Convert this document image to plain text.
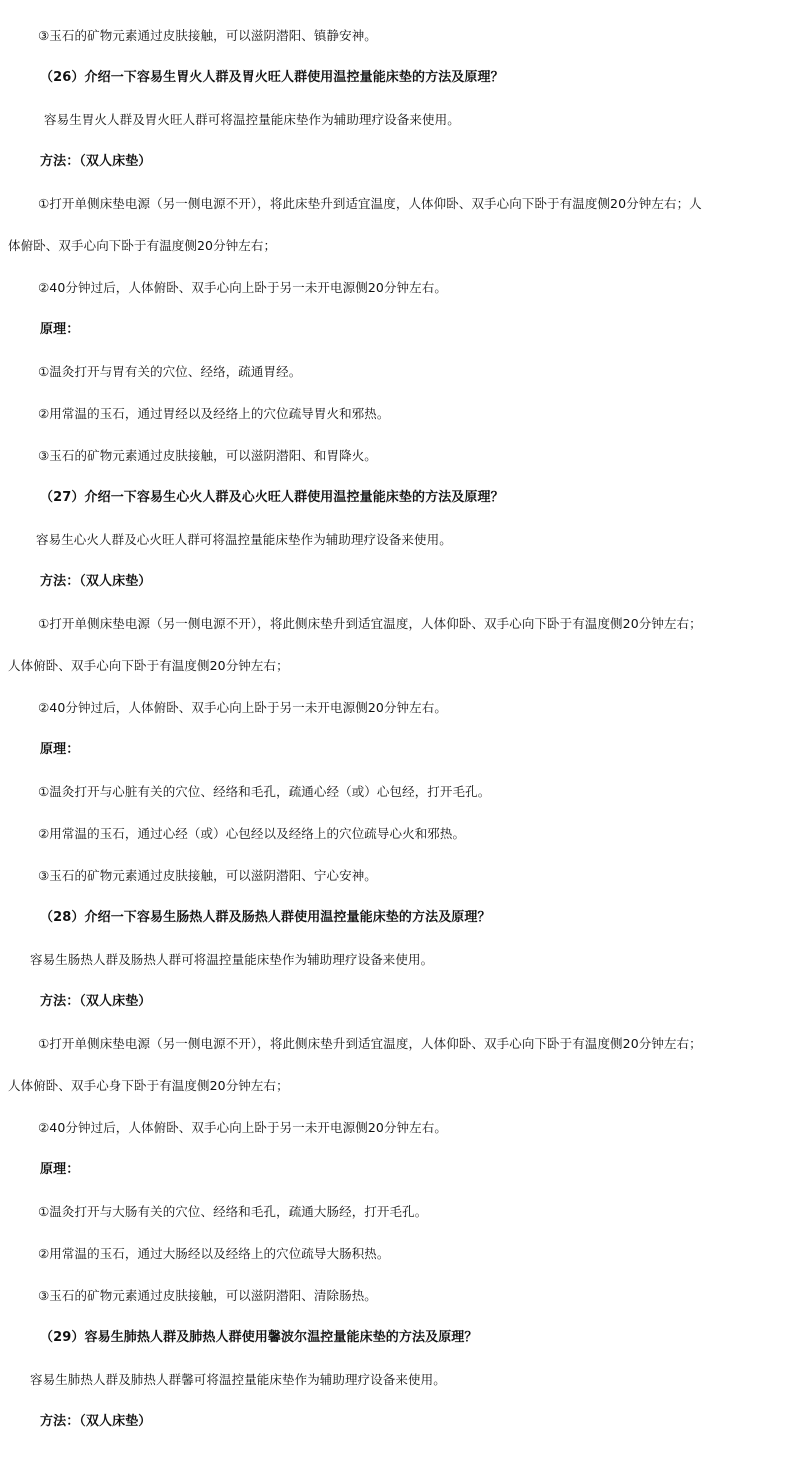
③玉石的矿物元素通过皮肤接触，可以滋阴潜阳、镇静安神。
（26）介绍一下容易生胃火人群及胃火旺人群使用温控量能床垫的方法及原理？
容易生胃火人群及胃火旺人群可将温控量能床垫作为辅助理疗设备来使用。
方法：（双人床垫）
①打开单侧床垫电源（另一侧电源不开），将此床垫升到适宜温度，人体仰卧、双手心向下卧于有温度侧20分钟左右；人
体俯卧、双手心向下卧于有温度侧20分钟左右；
②40分钟过后，人体俯卧、双手心向上卧于另一未开电源侧20分钟左右。
原理：
①温灸打开与胃有关的穴位、经络，疏通胃经。
②用常温的玉石，通过胃经以及经络上的穴位疏导胃火和邪热。
③玉石的矿物元素通过皮肤接触，可以滋阴潜阳、和胃降火。
（27）介绍一下容易生心火人群及心火旺人群使用温控量能床垫的方法及原理？
容易生心火人群及心火旺人群可将温控量能床垫作为辅助理疗设备来使用。
方法：（双人床垫）
①打开单侧床垫电源（另一侧电源不开），将此侧床垫升到适宜温度，人体仰卧、双手心向下卧于有温度侧20分钟左右；
人体俯卧、双手心向下卧于有温度侧20分钟左右；
②40分钟过后，人体俯卧、双手心向上卧于另一未开电源侧20分钟左右。
原理：
①温灸打开与心脏有关的穴位、经络和毛孔，疏通心经（或）心包经，打开毛孔。
②用常温的玉石，通过心经（或）心包经以及经络上的穴位疏导心火和邪热。
③玉石的矿物元素通过皮肤接触，可以滋阴潜阳、宁心安神。
（28）介绍一下容易生肠热人群及肠热人群使用温控量能床垫的方法及原理？
容易生肠热人群及肠热人群可将温控量能床垫作为辅助理疗设备来使用。
方法：（双人床垫）
①打开单侧床垫电源（另一侧电源不开），将此侧床垫升到适宜温度，人体仰卧、双手心向下卧于有温度侧20分钟左右；
人体俯卧、双手心身下卧于有温度侧20分钟左右；
②40分钟过后，人体俯卧、双手心向上卧于另一未开电源侧20分钟左右。
原理：
①温灸打开与大肠有关的穴位、经络和毛孔，疏通大肠经，打开毛孔。
②用常温的玉石，通过大肠经以及经络上的穴位疏导大肠积热。
③玉石的矿物元素通过皮肤接触，可以滋阴潜阳、清除肠热。
（29）容易生肺热人群及肺热人群使用馨波尔温控量能床垫的方法及原理？
容易生肺热人群及肺热人群馨可将温控量能床垫作为辅助理疗设备来使用。
方法：（双人床垫）
